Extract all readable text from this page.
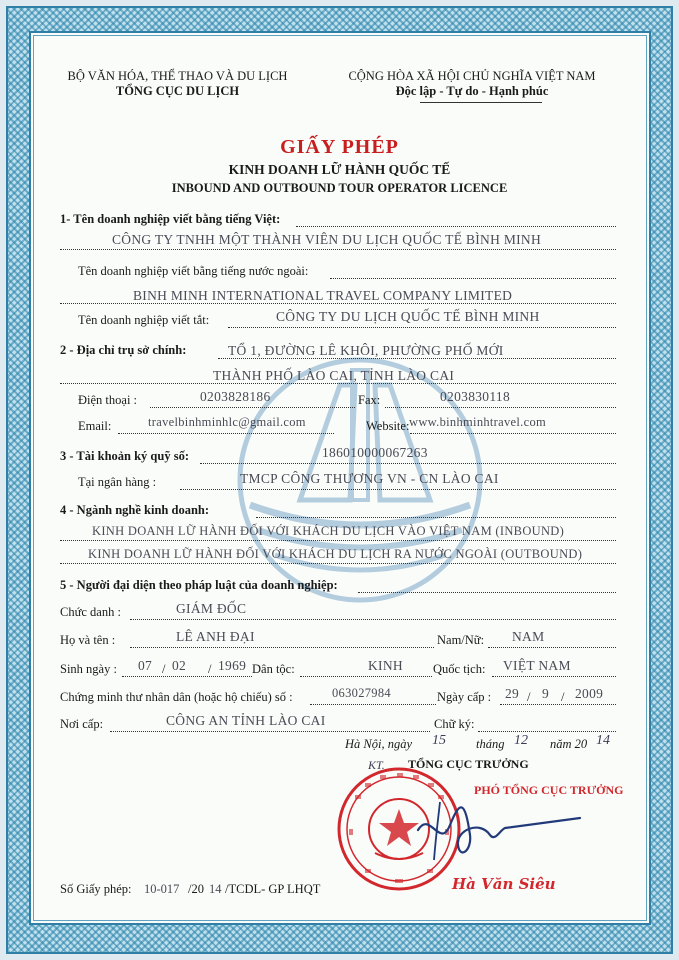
BỘ VĂN HÓA, THỂ THAO VÀ DU LỊCH
TỔNG CỤC DU LỊCH
CỘNG HÒA XÃ HỘI CHỦ NGHĨA VIỆT NAM
Độc lập - Tự do - Hạnh phúc
GIẤY PHÉP
KINH DOANH LỮ HÀNH QUỐC TẾ
INBOUND AND OUTBOUND TOUR OPERATOR LICENCE
1- Tên doanh nghiệp viết bằng tiếng Việt:
CÔNG TY TNHH MỘT THÀNH VIÊN DU LỊCH QUỐC TẾ BÌNH MINH
Tên doanh nghiệp viết bằng tiếng nước ngoài:
BINH MINH INTERNATIONAL TRAVEL COMPANY LIMITED
Tên doanh nghiệp viết tắt:	CÔNG TY DU LỊCH QUỐC TẾ BÌNH MINH
2 - Địa chỉ trụ sở chính:	TỔ 1, ĐƯỜNG LÊ KHÔI, PHƯỜNG PHỐ MỚI
THÀNH PHỐ LÀO CAI, TỈNH LÀO CAI
Điện thoại :	0203828186	Fax:	0203830118
Email:	travelbinhminhlc@gmail.com	Website: www.binhminhtravel.com
3 - Tài khoản ký quỹ số:	186010000067263
Tại ngân hàng :	TMCP CÔNG THƯƠNG VN - CN LÀO CAI
4 - Ngành nghề kinh doanh:
KINH DOANH LỮ HÀNH ĐỐI VỚI KHÁCH DU LỊCH VÀO VIỆT NAM (INBOUND)
KINH DOANH LỮ HÀNH ĐỐI VỚI KHÁCH DU LỊCH RA NƯỚC NGOÀI (OUTBOUND)
5 - Người đại diện theo pháp luật của doanh nghiệp:
Chức danh :	GIÁM ĐỐC
Họ và tên :	LÊ ANH ĐẠI	Nam/Nữ: NAM
Sinh ngày : 07 / 02 / 1969 Dân tộc:	KINH Quốc tịch: VIỆT NAM
Chứng minh thư nhân dân (hoặc hộ chiếu) số :	063027984	Ngày cấp : 29 / 9 / 2009
Nơi cấp:	CÔNG AN TỈNH LÀO CAI	Chữ ký:
Hà Nội, ngày 15 tháng 12 năm 20 14
KT. TỔNG CỤC TRƯỞNG
PHÓ TỔNG CỤC TRƯỞNG
Hà Văn Siêu
Số Giấy phép: 10-017 /20 14 /TCDL- GP LHQT
